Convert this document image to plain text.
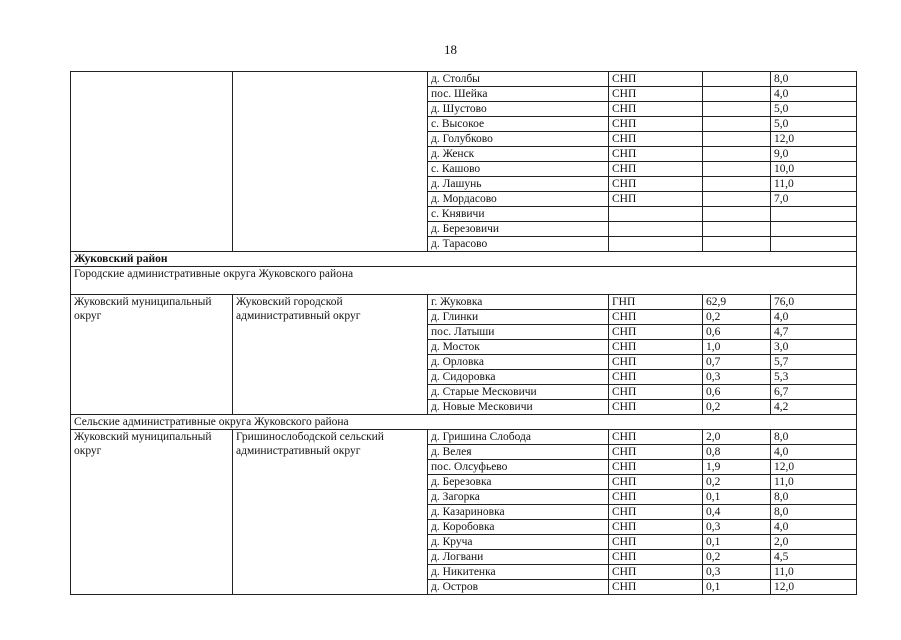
18
		д. Столбы	СНП		8,0
		пос. Шейка	СНП		4,0
		д. Шустово	СНП		5,0
		с. Высокое	СНП		5,0
		д. Голубково	СНП		12,0
		д. Женск	СНП		9,0
		с. Кашово	СНП		10,0
		д. Лашунь	СНП		11,0
		д. Мордасово	СНП		7,0
		с. Княвичи			
		д. Березовичи			
		д. Тарасово			
Жуковский район					
Городские административные округа Жуковского района					
Жуковский муниципальный округ	Жуковский городской административный округ	г. Жуковка	ГНП	62,9	76,0
		д. Глинки	СНП	0,2	4,0
		пос. Латыши	СНП	0,6	4,7
		д. Мосток	СНП	1,0	3,0
		д. Орловка	СНП	0,7	5,7
		д. Сидоровка	СНП	0,3	5,3
		д. Старые Месковичи	СНП	0,6	6,7
		д. Новые Месковичи	СНП	0,2	4,2
Сельские административные округа Жуковского района					
Жуковский муниципальный округ	Гришинослободской сельский административный округ	д. Гришина Слобода	СНП	2,0	8,0
		д. Велея	СНП	0,8	4,0
		пос. Олсуфьево	СНП	1,9	12,0
		д. Березовка	СНП	0,2	11,0
		д. Загорка	СНП	0,1	8,0
		д. Казариновка	СНП	0,4	8,0
		д. Коробовка	СНП	0,3	4,0
		д. Круча	СНП	0,1	2,0
		д. Логвани	СНП	0,2	4,5
		д. Никитенка	СНП	0,3	11,0
		д. Остров	СНП	0,1	12,0
